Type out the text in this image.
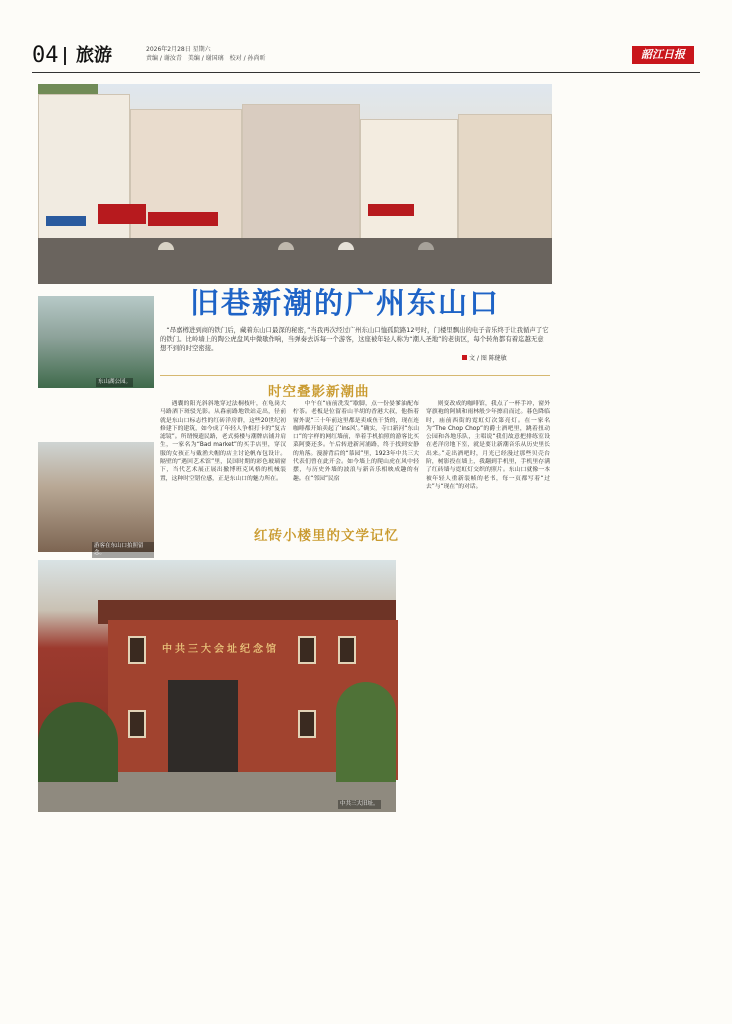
04 旅游	2026年2月28日 星期六
责编 / 谢汝青　美编 / 谢国璃　校对 / 孙尚昕	韶江日报
旧巷新潮的广州东山口
东山湖公园。
游客在东山口拍照留念。
中共三大会址纪念馆
中共三大旧址。
“昂嘉樽进到商的铁门后，藏着东山口最深的秘密，”当我再次经过广州东山口恤孤院路12号时，门楼里飘出的电子音乐终于让我循声了它的铁门。比岭墙上的陶公虎盘风中微歇作响，当弹奏去诉每一个游客，这座被年轻人称为“潮人圣地”的老街区，每个转角都有着迄越无意想不到的时空密接。
文 / 图 陈健敏
时空叠影新潮曲

遇囊的阳光斜斜地穿过法桐枝叶，在龟岗大马路洒下斑驳光影。从暮前路地铁站走出，径前就是东山口标志性的红砖洋房群，这些20世纪初修建下的建筑，如今成了年轻人争相打卡的“复古滤镜”。所谓慢遗民路，老式骑楼与潮牌店铺并肩生，一家名为“Bad market”的买手店里，穿汉服的女孩正与戴渔夫帽的店主讨论帆布包设计。隔壁的“遇回艺术馆”里，民国时期的彩色玻璃窗下，当代艺术展正展出撤博班克风格的机械装置，这种时空错位感，正是东山口的魅力所在。

中午在“庙前洗发”歇脚，点一份晏爹油配布柠茶。老板是位留着山羊胡的香港大叔，他指着窗外说“三十年前这里都是卖咸鱼干货的，现在连咖啡都开始卖起了‘ins风’。”确实，寺口新河“东山口”的字样的网红墙前，举着手机拍照的游客比买菜阿婆还多。午后转进新河浦路，终于找到安静的角落。漫游背后的“慕园”里，1923年中共三大代表们曾在此开会。如今墙上的爬山虎在风中轻摆，与历史外墙的波浪与新音乐相映成趣的有趣。在“邻园”民宿

则变改成的咖啡馆，我点了一杯手冲，窗外穿旗袍的阿姨和雨林般少年擦肩而过。暮色降临时，庙前西街的霓虹灯次第亮灯。在一家名为“The Chop Chop”的爵士酒吧里，跳着扭动公园和各地乐队，主唱说“我们故意把排练室设在老洋房地下室，就是要让新潮音乐从历史里长出来。”走出酒吧时，月光已经漫过那些贝壳台阶，树影投在墙上，我翻到手机里，手机里存满了红砖墙与霓虹灯交织的照片。东山口就像一本被年轻人重新装帧的老书，每一页都写着“过去”与“现在”的对话。

红砖小楼里的文学记忆
